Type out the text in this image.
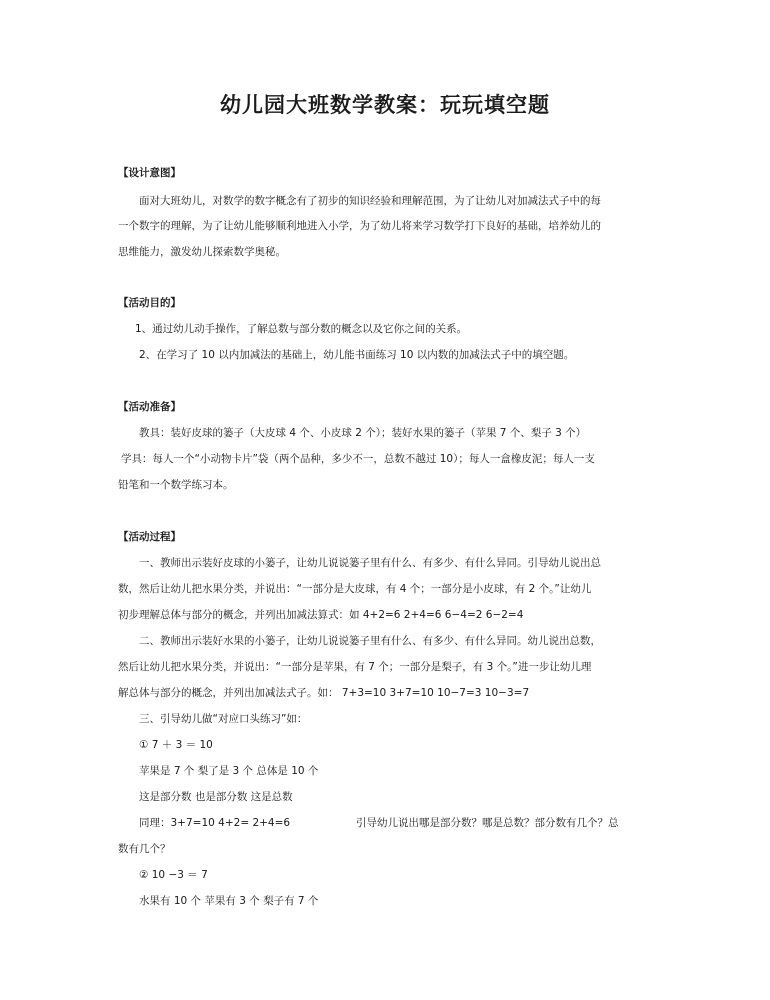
幼儿园大班数学教案：玩玩填空题
【设计意图】
面对大班幼儿，对数学的数字概念有了初步的知识经验和理解范围，为了让幼儿对加减法式子中的每
一个数字的理解，为了让幼儿能够顺利地进入小学，为了幼儿将来学习数学打下良好的基础，培养幼儿的
思维能力，激发幼儿探索数学奥秘。
【活动目的】
1、通过幼儿动手操作，了解总数与部分数的概念以及它你之间的关系。
2、在学习了 10 以内加减法的基础上，幼儿能书面练习 10 以内数的加减法式子中的填空题。
【活动准备】
教具：装好皮球的篓子（大皮球 4 个、小皮球 2 个）；装好水果的篓子（苹果 7 个、梨子 3 个）
学具：每人一个“小动物卡片”袋（两个品种，多少不一，总数不越过 10）；每人一盒橡皮泥；每人一支
铅笔和一个数学练习本。
【活动过程】
一、教师出示装好皮球的小篓子，让幼儿说说篓子里有什么、有多少、有什么异同。引导幼儿说出总
数，然后让幼儿把水果分类，并说出：“一部分是大皮球，有 4 个；一部分是小皮球，有 2 个。”让幼儿
初步理解总体与部分的概念，并列出加减法算式：如 4+2=6 2+4=6 6−4=2 6−2=4
二、教师出示装好水果的小篓子，让幼儿说说篓子里有什么、有多少、有什么异同。幼儿说出总数，
然后让幼儿把水果分类，并说出：“一部分是苹果，有 7 个；一部分是梨子，有 3 个。”进一步让幼儿理
解总体与部分的概念，并列出加减法式子。如： 7+3=10 3+7=10 10−7=3 10−3=7
三、引导幼儿做“对应口头练习”如：
① 7 ＋ 3 ＝ 10
苹果是 7 个 梨了是 3 个 总体是 10 个
这是部分数 也是部分数 这是总数
同理：3+7=10 4+2= 2+4=6	引导幼儿说出哪是部分数？哪是总数？部分数有几个？总
数有几个？
② 10 −3 ＝ 7
水果有 10 个 苹果有 3 个 梨子有 7 个
